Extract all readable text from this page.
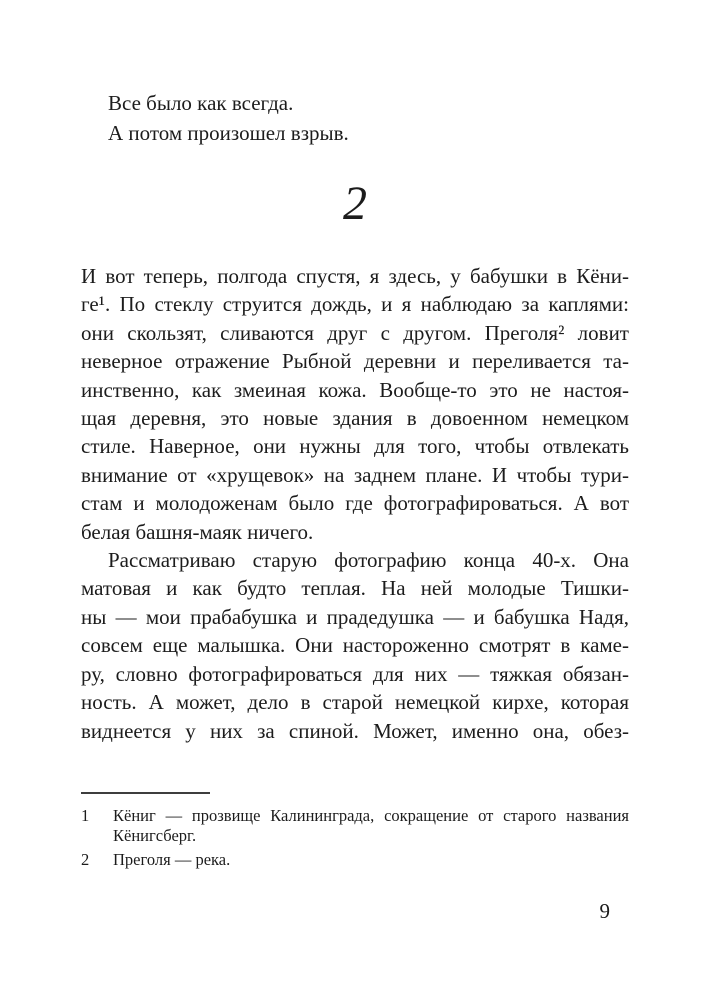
Все было как всегда.
А потом произошел взрыв.
2
И вот теперь, полгода спустя, я здесь, у бабушки в Кёни-
ге¹. По стеклу струится дождь, и я наблюдаю за каплями:
они скользят, сливаются друг с другом. Преголя² ловит
неверное отражение Рыбной деревни и переливается та-
инственно, как змеиная кожа. Вообще-то это не настоя-
щая деревня, это новые здания в довоенном немецком
стиле. Наверное, они нужны для того, чтобы отвлекать
внимание от «хрущевок» на заднем плане. И чтобы тури-
стам и молодоженам было где фотографироваться. А вот
белая башня-маяк ничего.
Рассматриваю старую фотографию конца 40-х. Она
матовая и как будто теплая. На ней молодые Тишки-
ны — мои прабабушка и прадедушка — и бабушка Надя,
совсем еще малышка. Они настороженно смотрят в каме-
ру, словно фотографироваться для них — тяжкая обязан-
ность. А может, дело в старой немецкой кирхе, которая
виднеется у них за спиной. Может, именно она, обез-
1	Кёниг — прозвище Калининграда, сокращение от старого названия
Кёнигсберг.
2	Преголя — река.
9
